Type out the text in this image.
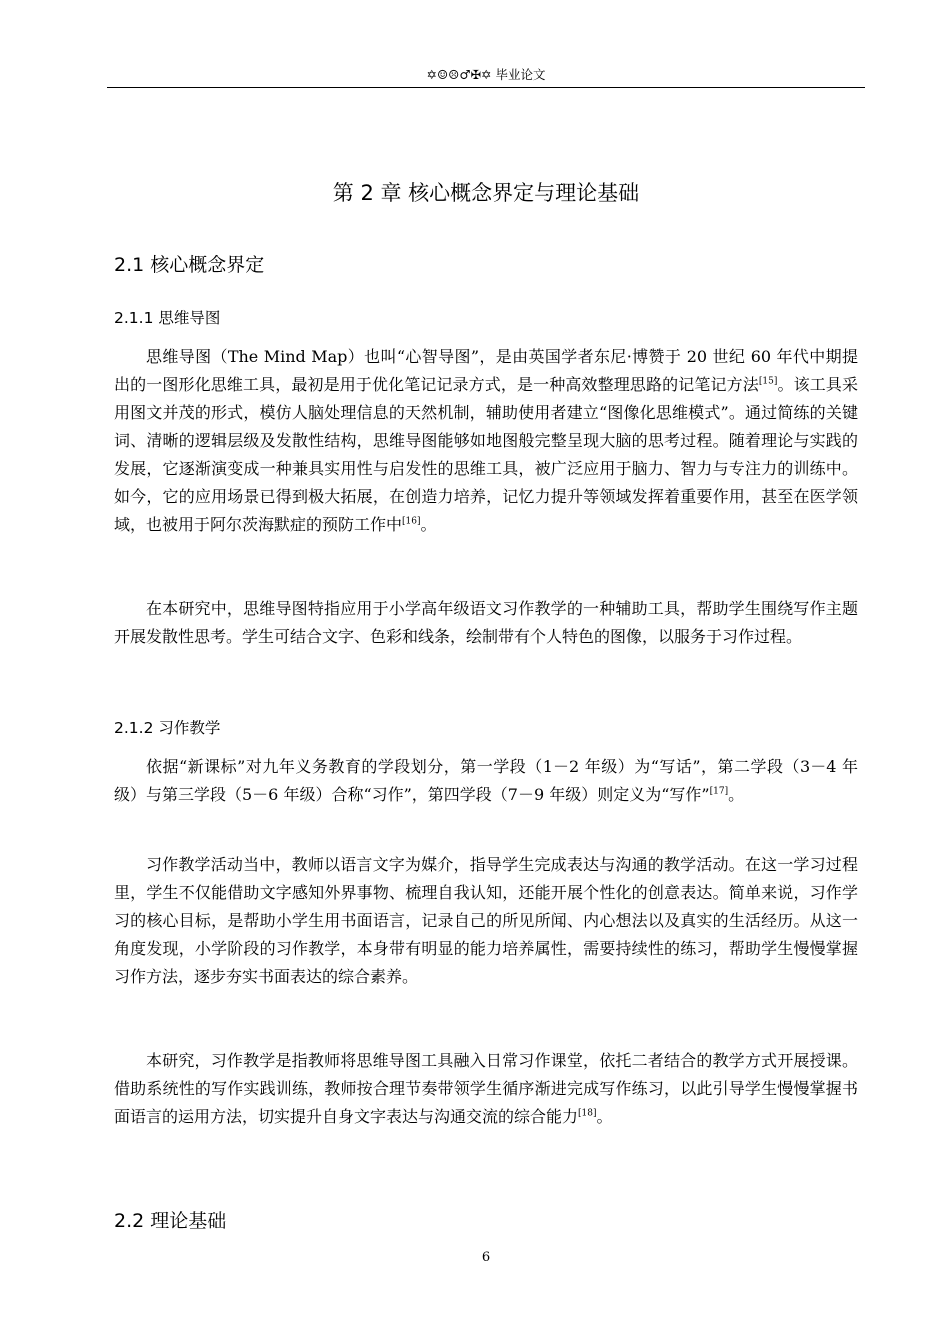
✡☺☹♂✠✡ 毕业论文
第 2 章 核心概念界定与理论基础
2.1 核心概念界定
2.1.1 思维导图

思维导图（The Mind Map）也叫“心智导图”，是由英国学者东尼·博赞于 20 世纪 60 年代中期提出的一图形化思维工具，最初是用于优化笔记记录方式，是一种高效整理思路的记笔记方法[15]。该工具采用图文并茂的形式，模仿人脑处理信息的天然机制，辅助使用者建立“图像化思维模式”。通过简练的关键词、清晰的逻辑层级及发散性结构，思维导图能够如地图般完整呈现大脑的思考过程。随着理论与实践的发展，它逐渐演变成一种兼具实用性与启发性的思维工具，被广泛应用于脑力、智力与专注力的训练中。如今，它的应用场景已得到极大拓展，在创造力培养，记忆力提升等领域发挥着重要作用，甚至在医学领域，也被用于阿尔茨海默症的预防工作中[16]。

在本研究中，思维导图特指应用于小学高年级语文习作教学的一种辅助工具，帮助学生围绕写作主题开展发散性思考。学生可结合文字、色彩和线条，绘制带有个人特色的图像，以服务于习作过程。

2.1.2 习作教学

依据“新课标”对九年义务教育的学段划分，第一学段（1－2 年级）为“写话”，第二学段（3－4 年级）与第三学段（5－6 年级）合称“习作”，第四学段（7－9 年级）则定义为“写作”[17]。

习作教学活动当中，教师以语言文字为媒介，指导学生完成表达与沟通的教学活动。在这一学习过程里，学生不仅能借助文字感知外界事物、梳理自我认知，还能开展个性化的创意表达。简单来说，习作学习的核心目标，是帮助小学生用书面语言，记录自己的所见所闻、内心想法以及真实的生活经历。从这一角度发现，小学阶段的习作教学，本身带有明显的能力培养属性，需要持续性的练习，帮助学生慢慢掌握习作方法，逐步夯实书面表达的综合素养。

本研究，习作教学是指教师将思维导图工具融入日常习作课堂，依托二者结合的教学方式开展授课。借助系统性的写作实践训练，教师按合理节奏带领学生循序渐进完成写作练习，以此引导学生慢慢掌握书面语言的运用方法，切实提升自身文字表达与沟通交流的综合能力[18]。

2.2 理论基础
6
